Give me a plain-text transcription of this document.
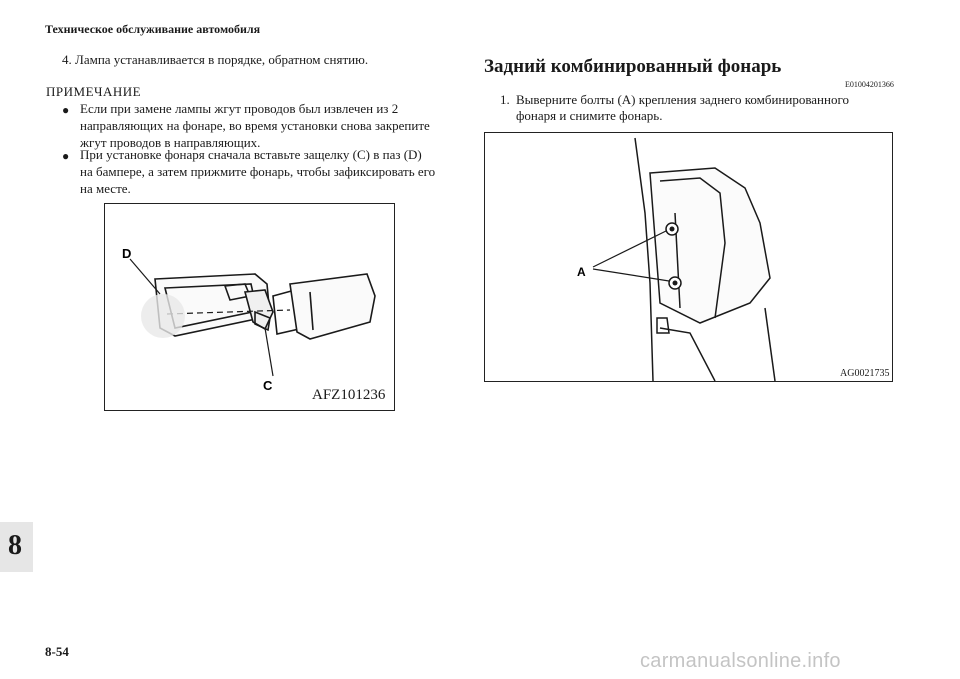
Техническое обслуживание автомобиля
4. Лампа устанавливается в порядке, обратном снятию.
ПРИМЕЧАНИЕ
● Если при замене лампы жгут проводов был извлечен из 2
направляющих на фонаре, во время установки снова закрепите
жгут проводов в направляющих.
● При установке фонаря сначала вставьте защелку (C) в паз (D)
на бампере, а затем прижмите фонарь, чтобы зафиксировать его
на месте.
D
C
AFZ101236
Задний комбинированный фонарь
E01004201366
1. Выверните болты (A) крепления заднего комбинированного
фонаря и снимите фонарь.
A
AG0021735
8
8-54	carmanualsonline.info
